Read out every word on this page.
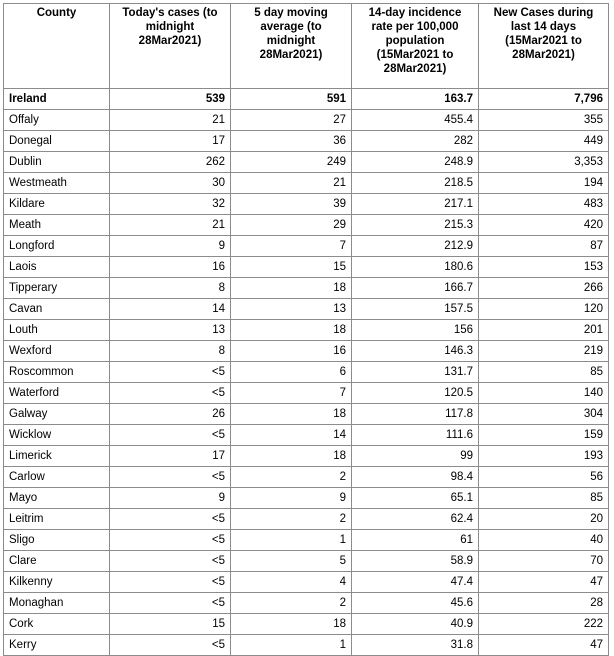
County	Today's cases (to midnight 28Mar2021)	5 day moving average (to midnight 28Mar2021)	14-day incidence rate per 100,000 population (15Mar2021 to 28Mar2021)	New Cases during last 14 days (15Mar2021 to 28Mar2021)
Ireland	539	591	163.7	7,796
Offaly	21	27	455.4	355
Donegal	17	36	282	449
Dublin	262	249	248.9	3,353
Westmeath	30	21	218.5	194
Kildare	32	39	217.1	483
Meath	21	29	215.3	420
Longford	9	7	212.9	87
Laois	16	15	180.6	153
Tipperary	8	18	166.7	266
Cavan	14	13	157.5	120
Louth	13	18	156	201
Wexford	8	16	146.3	219
Roscommon	<5	6	131.7	85
Waterford	<5	7	120.5	140
Galway	26	18	117.8	304
Wicklow	<5	14	111.6	159
Limerick	17	18	99	193
Carlow	<5	2	98.4	56
Mayo	9	9	65.1	85
Leitrim	<5	2	62.4	20
Sligo	<5	1	61	40
Clare	<5	5	58.9	70
Kilkenny	<5	4	47.4	47
Monaghan	<5	2	45.6	28
Cork	15	18	40.9	222
Kerry	<5	1	31.8	47
